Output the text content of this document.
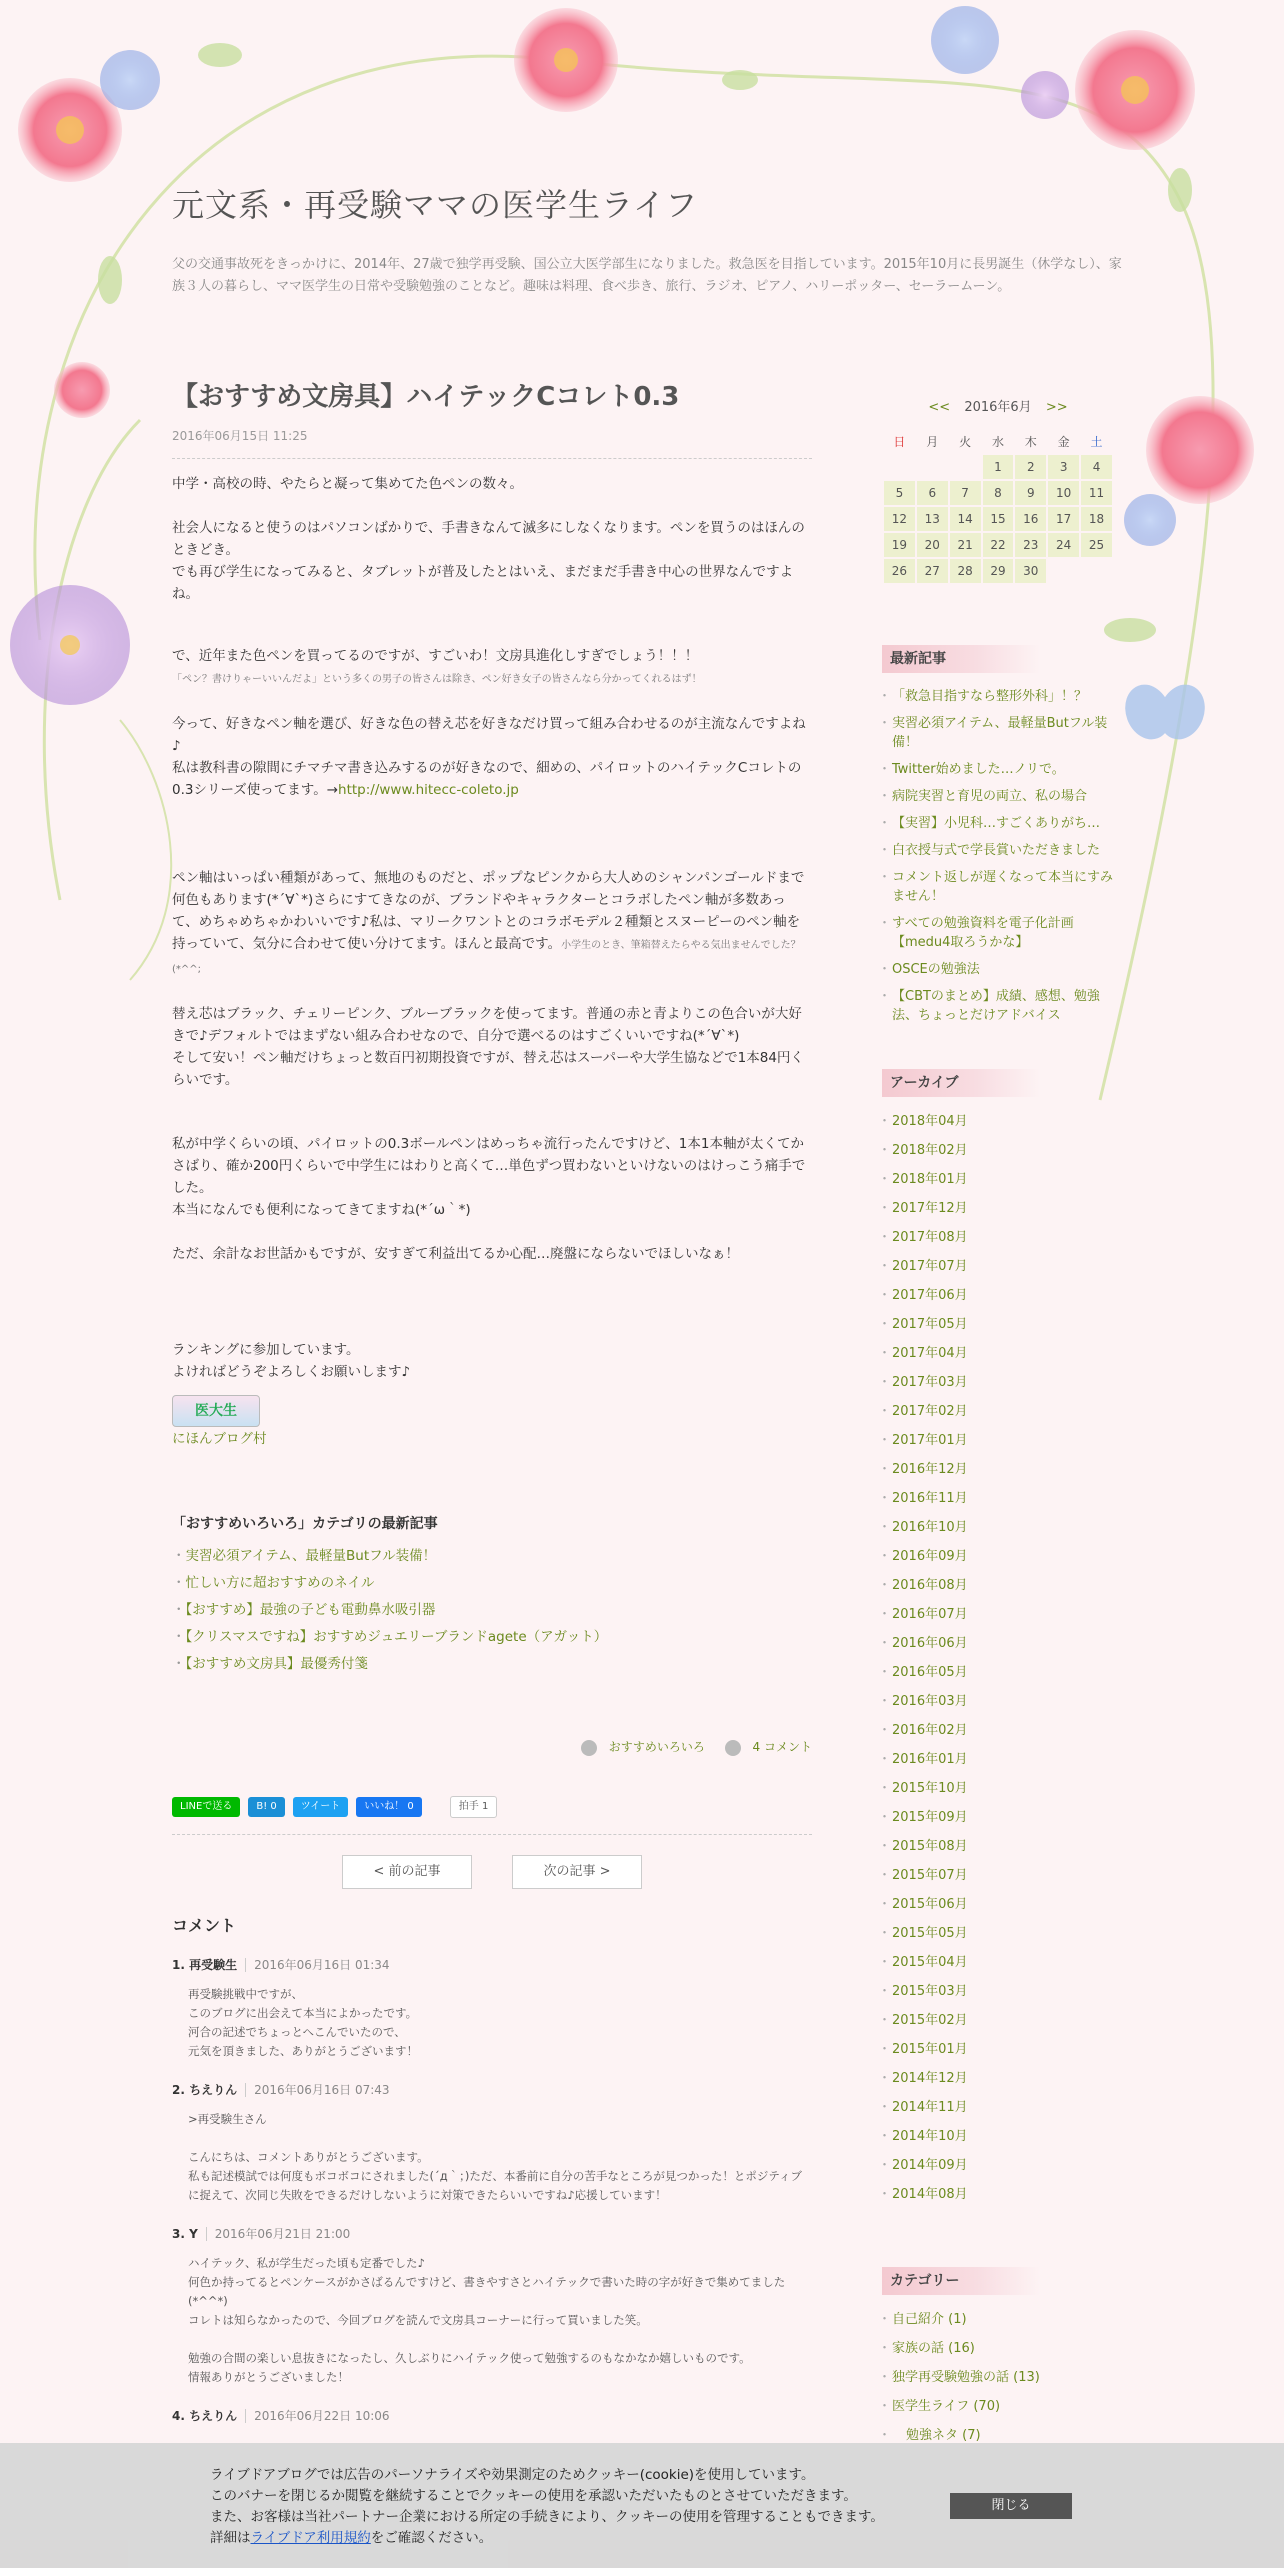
元文系・再受験ママの医学生ライフ
父の交通事故死をきっかけに、2014年、27歳で独学再受験、国公立大医学部生になりました。救急医を目指しています。2015年10月に長男誕生（休学なし）、家族３人の暮らし、ママ医学生の日常や受験勉強のことなど。趣味は料理、食べ歩き、旅行、ラジオ、ピアノ、ハリーポッター、セーラームーン。
【おすすめ文房具】ハイテックCコレト0.3
2016年06月15日 11:25

中学・高校の時、やたらと凝って集めてた色ペンの数々。

社会人になると使うのはパソコンばかりで、手書きなんて滅多にしなくなります。ペンを買うのはほんのときどき。
でも再び学生になってみると、タブレットが普及したとはいえ、まだまだ手書き中心の世界なんですよね。

で、近年また色ペンを買ってるのですが、すごいわ！文房具進化しすぎでしょう！！！
「ペン？書けりゃーいいんだよ」という多くの男子の皆さんは除き、ペン好き女子の皆さんなら分かってくれるはず！

今って、好きなペン軸を選び、好きな色の替え芯を好きなだけ買って組み合わせるのが主流なんですよね♪
私は教科書の隙間にチマチマ書き込みするのが好きなので、細めの、パイロットのハイテックCコレトの0.3シリーズ使ってます。→http://www.hitecc-coleto.jp

ペン軸はいっぱい種類があって、無地のものだと、ポップなピンクから大人めのシャンパンゴールドまで何色もあります(*´∀`*)さらにすてきなのが、ブランドやキャラクターとコラボしたペン軸が多数あって、めちゃめちゃかわいいです♪私は、マリークワントとのコラボモデル２種類とスヌーピーのペン軸を持っていて、気分に合わせて使い分けてます。ほんと最高です。小学生のとき、筆箱替えたらやる気出ませんでした？(*^^;

替え芯はブラック、チェリーピンク、ブルーブラックを使ってます。普通の赤と青よりこの色合いが大好きで♪デフォルトではまずない組み合わせなので、自分で選べるのはすごくいいですね(*´∀`*)
そして安い！ペン軸だけちょっと数百円初期投資ですが、替え芯はスーパーや大学生協などで1本84円くらいです。

私が中学くらいの頃、パイロットの0.3ボールペンはめっちゃ流行ったんですけど、1本1本軸が太くてかさばり、確か200円くらいで中学生にはわりと高くて…単色ずつ買わないといけないのはけっこう痛手でした。
本当になんでも便利になってきてますね(*´ω｀*)

ただ、余計なお世話かもですが、安すぎて利益出てるか心配…廃盤にならないでほしいなぁ！

ランキングに参加しています。
よければどうぞよろしくお願いします♪

医大生
にほんブログ村
「おすすめいろいろ」カテゴリの最新記事
・ 実習必須アイテム、最軽量Butフル装備！
・ 忙しい方に超おすすめのネイル
・ 【おすすめ】最強の子ども電動鼻水吸引器
・ 【クリスマスですね】おすすめジュエリーブランドagete（アガット）
・ 【おすすめ文房具】最優秀付箋
おすすめいろいろ	4 コメント
LINEで送る	B! 0	ツイート	いいね！ 0	拍手 1
< 前の記事	次の記事 >
コメント
1. 再受験生 2016年06月16日 01:34
再受験挑戦中ですが、
このブログに出会えて本当によかったです。
河合の記述でちょっとへこんでいたので、
元気を頂きました、ありがとうございます！
2. ちえりん 2016年06月16日 07:43
>再受験生さん

こんにちは、コメントありがとうございます。
私も記述模試では何度もボコボコにされました(´д｀；)ただ、本番前に自分の苦手なところが見つかった！とポジティブに捉えて、次同じ失敗をできるだけしないように対策できたらいいですね♪応援しています！
3. Y 2016年06月21日 21:00
ハイテック、私が学生だった頃も定番でした♪
何色か持ってるとペンケースがかさばるんですけど、書きやすさとハイテックで書いた時の字が好きで集めてました(*^^*)
コレトは知らなかったので、今回ブログを読んで文房具コーナーに行って買いました笑。

勉強の合間の楽しい息抜きになったし、久しぶりにハイテック使って勉強するのもなかなか嬉しいものです。
情報ありがとうございました！
4. ちえりん 2016年06月22日 10:06
<< 2016年6月 >>
日	月	火	水	木	金	土
			1	2	3	4
5	6	7	8	9	10	11
12	13	14	15	16	17	18
19	20	21	22	23	24	25
26	27	28	29	30		
最新記事
・ 「救急目指すなら整形外科」！？
・ 実習必須アイテム、最軽量Butフル装備！
・ Twitter始めました…ノリで。
・ 病院実習と育児の両立、私の場合
・ 【実習】小児科…すごくありがち…
・ 白衣授与式で学長賞いただきました
・ コメント返しが遅くなって本当にすみません！
・ すべての勉強資料を電子化計画【medu4取ろうかな】
・ OSCEの勉強法
・ 【CBTのまとめ】成績、感想、勉強法、ちょっとだけアドバイス
アーカイブ
・ 2018年04月
・ 2018年02月
・ 2018年01月
・ 2017年12月
・ 2017年08月
・ 2017年07月
・ 2017年06月
・ 2017年05月
・ 2017年04月
・ 2017年03月
・ 2017年02月
・ 2017年01月
・ 2016年12月
・ 2016年11月
・ 2016年10月
・ 2016年09月
・ 2016年08月
・ 2016年07月
・ 2016年06月
・ 2016年05月
・ 2016年03月
・ 2016年02月
・ 2016年01月
・ 2015年10月
・ 2015年09月
・ 2015年08月
・ 2015年07月
・ 2015年06月
・ 2015年05月
・ 2015年04月
・ 2015年03月
・ 2015年02月
・ 2015年01月
・ 2014年12月
・ 2014年11月
・ 2014年10月
・ 2014年09月
・ 2014年08月
カテゴリー
・ 自己紹介 (1)
・ 家族の話 (16)
・ 独学再受験勉強の話 (13)
・ 医学生ライフ (70)
・ 勉強ネタ (7)
ライブドアブログでは広告のパーソナライズや効果測定のためクッキー(cookie)を使用しています。
このバナーを閉じるか閲覧を継続することでクッキーの使用を承認いただいたものとさせていただきます。
また、お客様は当社パートナー企業における所定の手続きにより、クッキーの使用を管理することもできます。
詳細はライブドア利用規約をご確認ください。
閉じる
